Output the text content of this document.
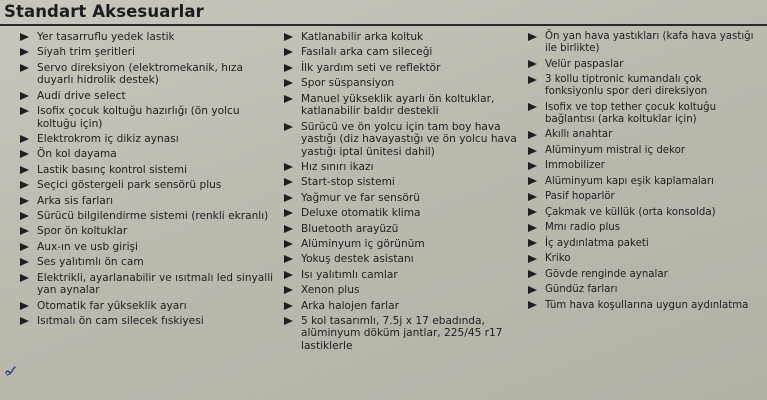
Standart Aksesuarlar
Yer tasarruflu yedek lastik
Siyah trim şeritleri
Servo direksiyon (elektromekanik, hıza duyarlı hidrolik destek)
Audi drive select
Isofix çocuk koltuğu hazırlığı (ön yolcu koltuğu için)
Elektrokrom iç dikiz aynası
Ön kol dayama
Lastik basınç kontrol sistemi
Seçici göstergeli park sensörü plus
Arka sis farları
Sürücü bilgilendirme sistemi (renkli ekranlı)
Spor ön koltuklar
Aux-ın ve usb girişi
Ses yalıtımlı ön cam
Elektrikli, ayarlanabilir ve ısıtmalı led sinyalli yan aynalar
Otomatik far yükseklik ayarı
Isıtmalı ön cam silecek fıskiyesi
Katlanabilir arka koltuk
Fasılalı arka cam sileceği
İlk yardım seti ve reflektör
Spor süspansiyon
Manuel yükseklik ayarlı ön koltuklar, katlanabilir baldır destekli
Sürücü ve ön yolcu için tam boy hava yastığı (diz havayastığı ve ön yolcu hava yastığı iptal ünitesi dahil)
Hız sınırı ikazı
Start-stop sistemi
Yağmur ve far sensörü
Deluxe otomatik klima
Bluetooth arayüzü
Alüminyum iç görünüm
Yokuş destek asistanı
Isı yalıtımlı camlar
Xenon plus
Arka halojen farlar
5 kol tasarımlı, 7.5j x 17 ebadında, alüminyum döküm jantlar, 225/45 r17 lastiklerle
Ön yan hava yastıkları (kafa hava yastığı ile birlikte)
Velür paspaslar
3 kollu tiptronic kumandalı çok fonksiyonlu spor deri direksiyon
Isofix ve top tether çocuk koltuğu bağlantısı (arka koltuklar için)
Akıllı anahtar
Alüminyum mistral iç dekor
Immobilizer
Alüminyum kapı eşik kaplamaları
Pasif hoparlör
Çakmak ve küllük (orta konsolda)
Mmı radio plus
İç aydınlatma paketi
Kriko
Gövde renginde aynalar
Gündüz farları
Tüm hava koşullarına uygun aydınlatma
